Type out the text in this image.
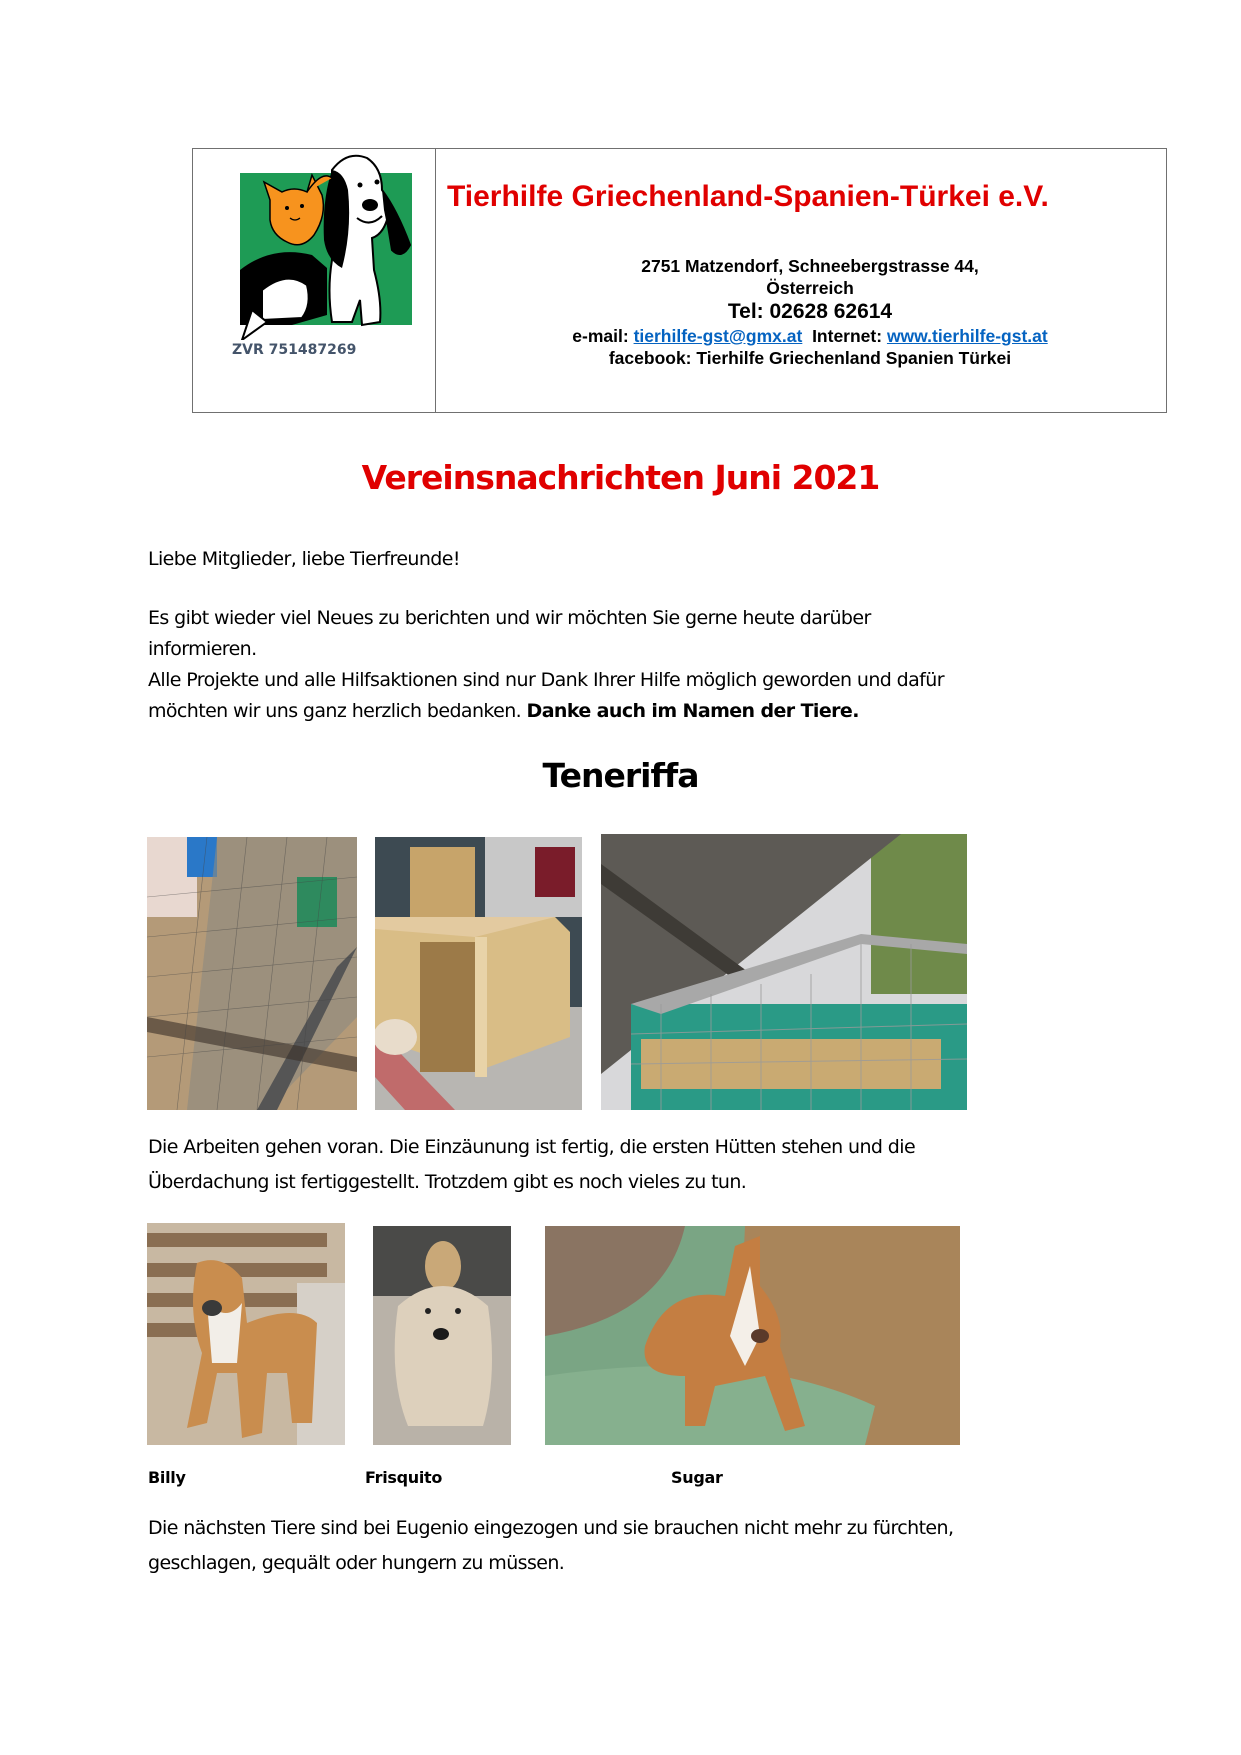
ZVR 751487269
Tierhilfe Griechenland-Spanien-Türkei e.V.
2751 Matzendorf, Schneebergstrasse 44,
Österreich
Tel: 02628 62614
e-mail: tierhilfe-gst@gmx.at Internet: www.tierhilfe-gst.at
facebook: Tierhilfe Griechenland Spanien Türkei
Vereinsnachrichten Juni 2021
Liebe Mitglieder, liebe Tierfreunde!
Es gibt wieder viel Neues zu berichten und wir möchten Sie gerne heute darüber
informieren.
Alle Projekte und alle Hilfsaktionen sind nur Dank Ihrer Hilfe möglich geworden und dafür
möchten wir uns ganz herzlich bedanken. Danke auch im Namen der Tiere.
Teneriffa
Die Arbeiten gehen voran. Die Einzäunung ist fertig, die ersten Hütten stehen und die
Überdachung ist fertiggestellt. Trotzdem gibt es noch vieles zu tun.
Billy	Frisquito	Sugar
Die nächsten Tiere sind bei Eugenio eingezogen und sie brauchen nicht mehr zu fürchten,
geschlagen, gequält oder hungern zu müssen.
